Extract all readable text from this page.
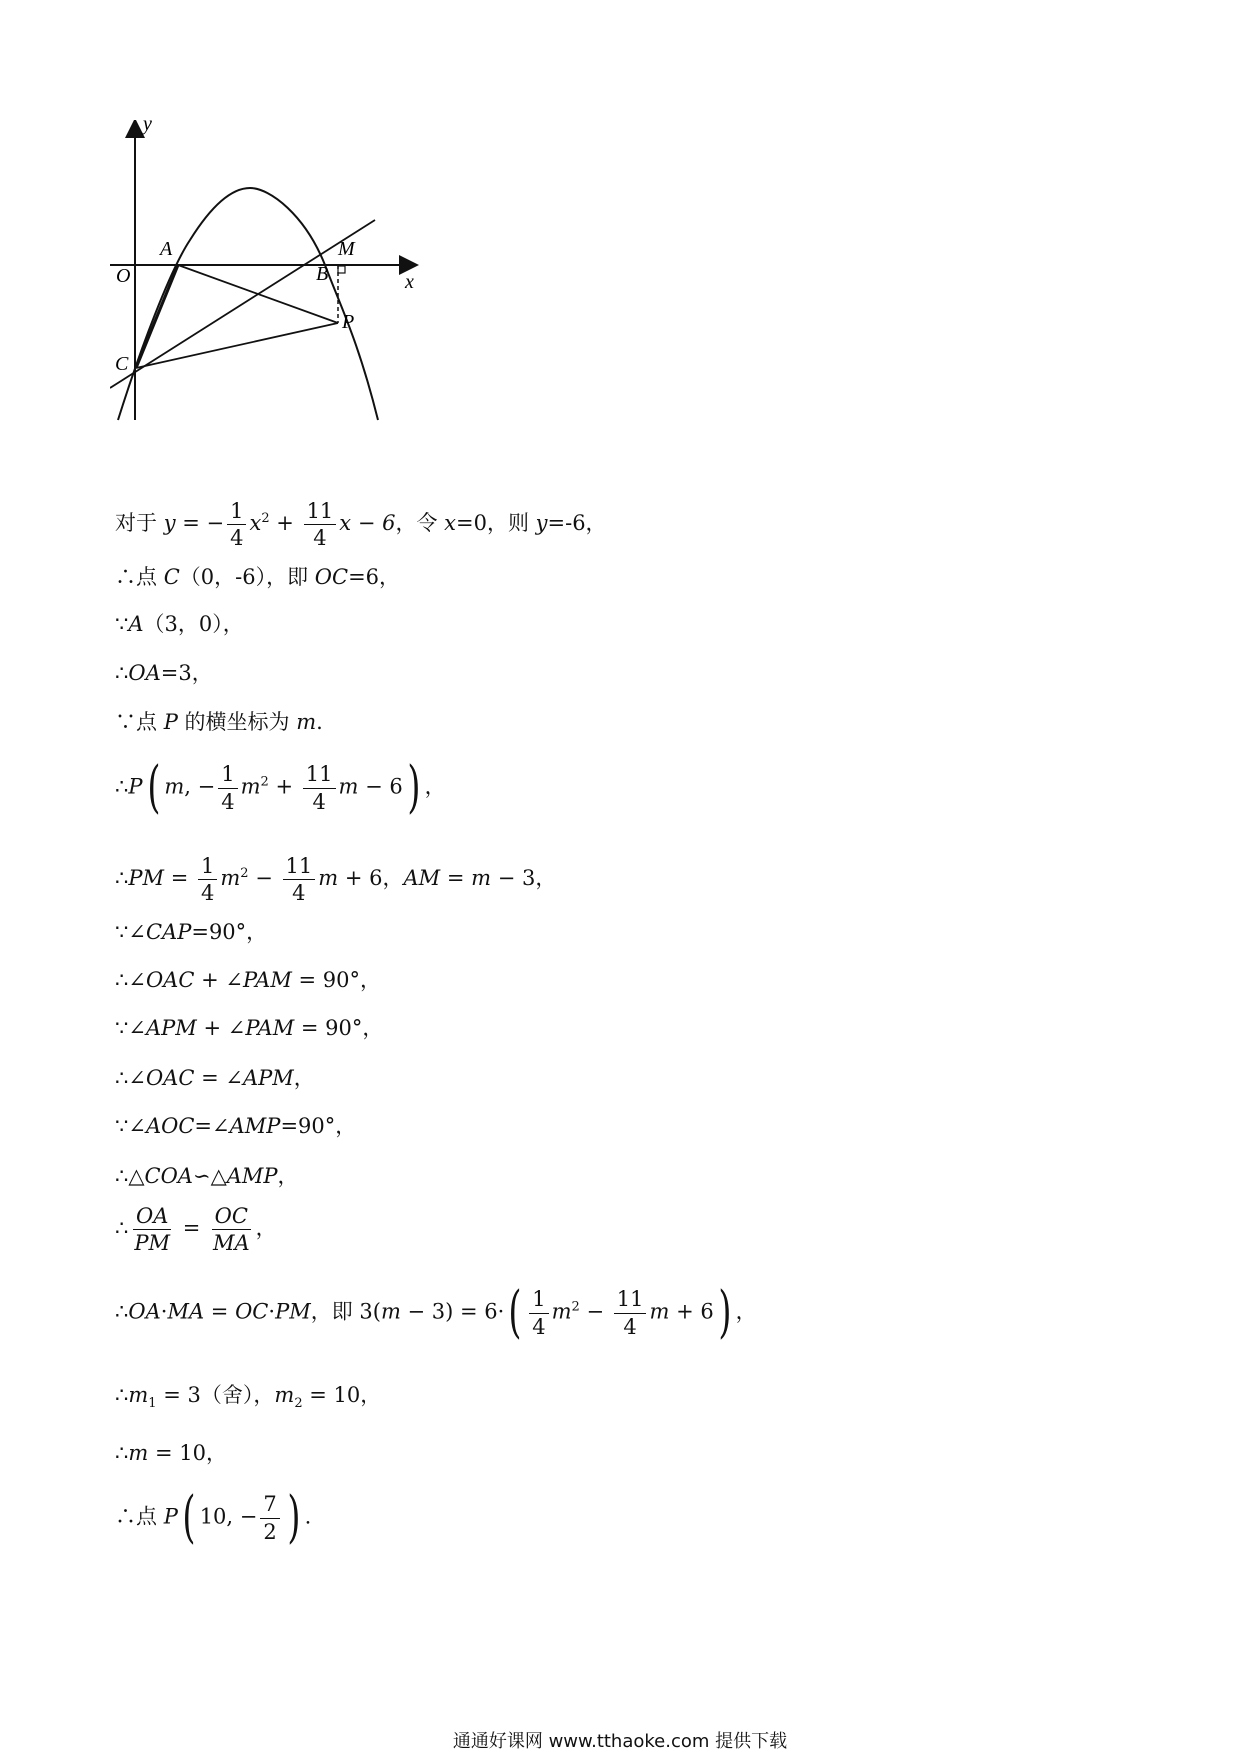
y
x
O
A
B
M
C
P
对于 y = − $\frac{1}{4} x^2 + \frac{11}{4}$ x − 6，令 x=0，则 y=-6，
∴点 C（0，-6），即 OC=6，
∵A（3，0），
∴OA=3，
∵点 P 的横坐标为 m.
∴P( m, − $\frac{1}{4} m^2 + \frac{11}{4}$ m − 6) ，
∴PM = $\frac{1}{4} m^2 - \frac{11}{4}$ m + 6，AM = m − 3，
∵∠CAP=90°，
∴∠OAC + ∠PAM = 90°，
∵∠APM + ∠PAM = 90°，
∴∠OAC = ∠APM，
∵∠AOC=∠AMP=90°，
∴△COA∽△AMP，
∴ $\frac{OA}{PM} = \frac{OC}{MA}$ ，
∴OA·MA = OC·PM，即 $3(m - 3) = 6\cdot( \frac{1}{4} m^2 - \frac{11}{4}$ m + 6) ，
$\therefore m_1 = 3$（舍），$m_2 = 10$，
∴m = 10，
∴点 P( 10, − $\frac{7}{2}$ ) .
通通好课网 www.tthaoke.com 提供下载
